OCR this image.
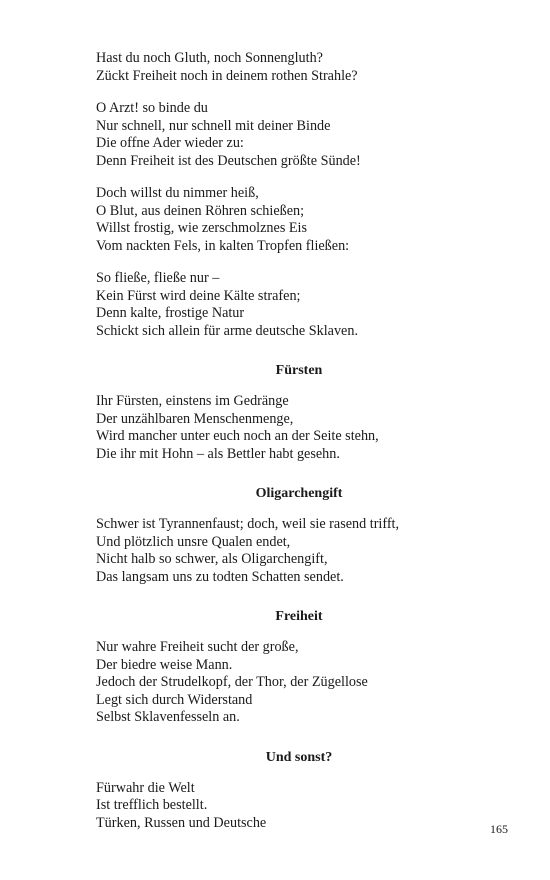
Hast du noch Gluth, noch Sonnengluth?
Zückt Freiheit noch in deinem rothen Strahle?
O Arzt! so binde du
Nur schnell, nur schnell mit deiner Binde
Die offne Ader wieder zu:
Denn Freiheit ist des Deutschen größte Sünde!
Doch willst du nimmer heiß,
O Blut, aus deinen Röhren schießen;
Willst frostig, wie zerschmolznes Eis
Vom nackten Fels, in kalten Tropfen fließen:
So fließe, fließe nur –
Kein Fürst wird deine Kälte strafen;
Denn kalte, frostige Natur
Schickt sich allein für arme deutsche Sklaven.
Fürsten
Ihr Fürsten, einstens im Gedränge
Der unzählbaren Menschenmenge,
Wird mancher unter euch noch an der Seite stehn,
Die ihr mit Hohn – als Bettler habt gesehn.
Oligarchengift
Schwer ist Tyrannenfaust; doch, weil sie rasend trifft,
Und plötzlich unsre Qualen endet,
Nicht halb so schwer, als Oligarchengift,
Das langsam uns zu todten Schatten sendet.
Freiheit
Nur wahre Freiheit sucht der große,
Der biedre weise Mann.
Jedoch der Strudelkopf, der Thor, der Zügellose
Legt sich durch Widerstand
Selbst Sklavenfesseln an.
Und sonst?
Fürwahr die Welt
Ist trefflich bestellt.
Türken, Russen und Deutsche	165
